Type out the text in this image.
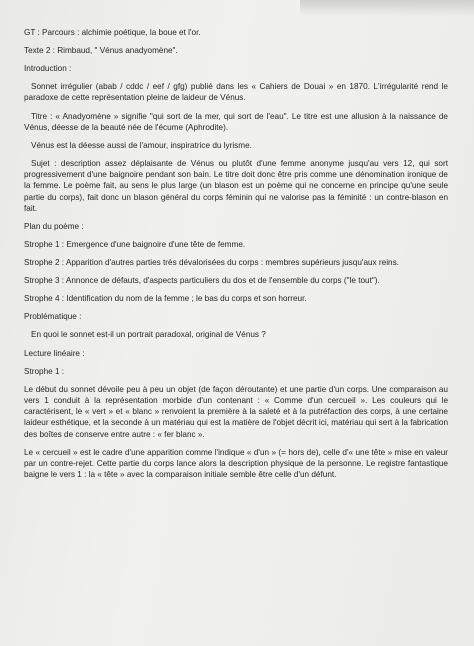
GT : Parcours : alchimie poétique, la boue et l'or.

Texte 2 : Rimbaud, " Vénus anadyomène".

Introduction :

Sonnet irrégulier (abab / cddc / eef / gfg) publié dans les « Cahiers de Douai » en 1870. L'irrégularité rend le paradoxe de cette représentation pleine de laideur de Vénus.

Titre : « Anadyomène » signifie "qui sort de la mer, qui sort de l'eau". Le titre est une allusion à la naissance de Vénus, déesse de la beauté née de l'écume (Aphrodite).

Vénus est la déesse aussi de l'amour, inspiratrice du lyrisme.

Sujet : description assez déplaisante de Vénus ou plutôt d'une femme anonyme jusqu'au vers 12, qui sort progressivement d'une baignoire pendant son bain. Le titre doit donc être pris comme une dénomination ironique de la femme. Le poème fait, au sens le plus large (un blason est un poème qui ne concerne en principe qu'une seule partie du corps), fait donc un blason général du corps féminin qui ne valorise pas la féminité : un contre-blason en fait.

Plan du poème :

Strophe 1 : Emergence d'une baignoire d'une tête de femme.

Strophe 2 : Apparition d'autres parties très dévalorisées du corps : membres supérieurs jusqu'aux reins.

Strophe 3 : Annonce de défauts, d'aspects particuliers du dos et de l'ensemble du corps ("le tout").

Strophe 4 : Identification du nom de la femme ; le bas du corps et son horreur.

Problématique :

En quoi le sonnet est-il un portrait paradoxal, original de Vénus ?

Lecture linéaire :

Strophe 1 :

Le début du sonnet dévoile peu à peu un objet (de façon déroutante) et une partie d'un corps. Une comparaison au vers 1 conduit à la représentation morbide d'un contenant : « Comme d'un cercueil ». Les couleurs qui le caractérisent, le « vert » et « blanc » renvoient la première à la saleté et à la putréfaction des corps, à une certaine laideur esthétique, et la seconde à un matériau qui est la matière de l'objet décrit ici, matériau qui sert à la fabrication des boîtes de conserve entre autre : « fer blanc ».

Le « cercueil » est le cadre d'une apparition comme l'indique « d'un » (= hors de), celle d'« une tête » mise en valeur par un contre-rejet. Cette partie du corps lance alors la description physique de la personne. Le registre fantastique baigne le vers 1 : la « tête » avec la comparaison initiale semble être celle d'un défunt.
